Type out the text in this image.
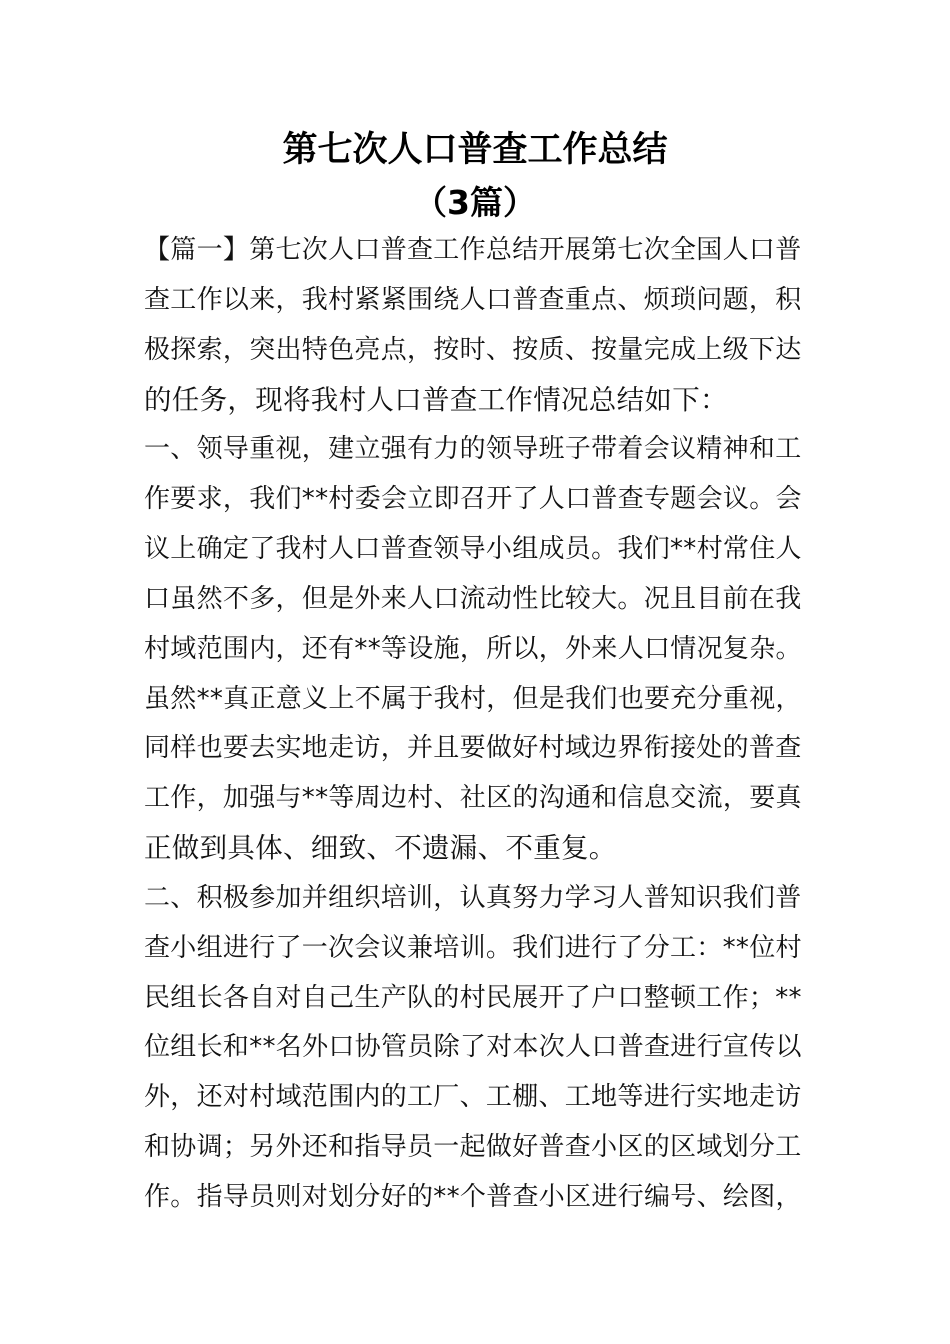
第七次人口普查工作总结
（3篇）
【篇一】第七次人口普查工作总结开展第七次全国人口普
查工作以来，我村紧紧围绕人口普查重点、烦琐问题，积
极探索，突出特色亮点，按时、按质、按量完成上级下达
的任务，现将我村人口普查工作情况总结如下：
一、领导重视，建立强有力的领导班子带着会议精神和工
作要求，我们**村委会立即召开了人口普查专题会议。会
议上确定了我村人口普查领导小组成员。我们**村常住人
口虽然不多，但是外来人口流动性比较大。况且目前在我
村域范围内，还有**等设施，所以，外来人口情况复杂。
虽然**真正意义上不属于我村，但是我们也要充分重视，
同样也要去实地走访，并且要做好村域边界衔接处的普查
工作，加强与**等周边村、社区的沟通和信息交流，要真
正做到具体、细致、不遗漏、不重复。
二、积极参加并组织培训，认真努力学习人普知识我们普
查小组进行了一次会议兼培训。我们进行了分工：**位村
民组长各自对自己生产队的村民展开了户口整顿工作；**
位组长和**名外口协管员除了对本次人口普查进行宣传以
外，还对村域范围内的工厂、工棚、工地等进行实地走访
和协调；另外还和指导员一起做好普查小区的区域划分工
作。指导员则对划分好的**个普查小区进行编号、绘图，
